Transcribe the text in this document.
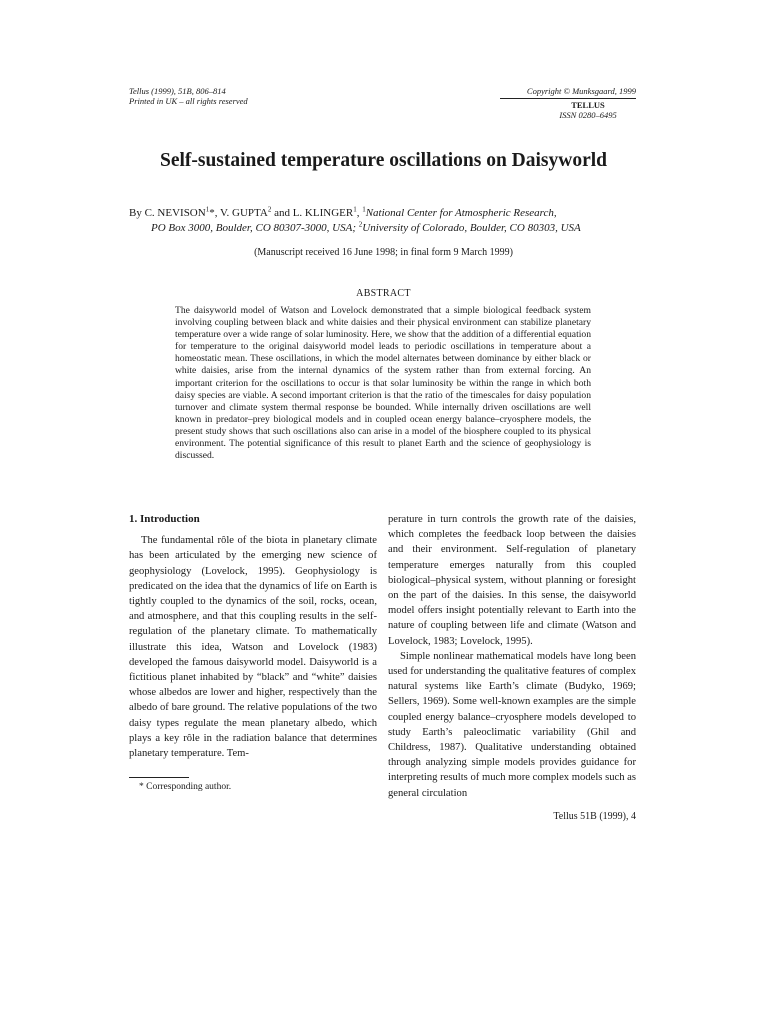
Tellus (1999), 51B, 806–814
Printed in UK – all rights reserved
Copyright © Munksgaard, 1999
TELLUS
ISSN 0280–6495
Self-sustained temperature oscillations on Daisyworld
By C. NEVISON$^1$*, V. GUPTA$^2$ and L. KLINGER$^1$, $^1$National Center for Atmospheric Research,
PO Box 3000, Boulder, CO 80307-3000, USA; $^2$University of Colorado, Boulder, CO 80303, USA
(Manuscript received 16 June 1998; in final form 9 March 1999)
ABSTRACT
The daisyworld model of Watson and Lovelock demonstrated that a simple biological feedback system involving coupling between black and white daisies and their physical environment can stabilize planetary temperature over a wide range of solar luminosity. Here, we show that the addition of a differential equation for temperature to the original daisyworld model leads to periodic oscillations in temperature about a homeostatic mean. These oscillations, in which the model alternates between dominance by either black or white daisies, arise from the internal dynamics of the system rather than from external forcing. An important criterion for the oscillations to occur is that solar luminosity be within the range in which both daisy species are viable. A second important criterion is that the ratio of the timescales for daisy population turnover and climate system thermal response be bounded. While internally driven oscillations are well known in predator–prey biological models and in coupled ocean energy balance–cryosphere models, the present study shows that such oscillations also can arise in a model of the biosphere coupled to its physical environment. The potential significance of this result to planet Earth and the science of geophysiology is discussed.
1. Introduction

The fundamental rôle of the biota in planetary climate has been articulated by the emerging new science of geophysiology (Lovelock, 1995). Geophysiology is predicated on the idea that the dynamics of life on Earth is tightly coupled to the dynamics of the soil, rocks, ocean, and atmosphere, and that this coupling results in the self-regulation of the planetary climate. To mathematically illustrate this idea, Watson and Lovelock (1983) developed the famous daisyworld model. Daisyworld is a fictitious planet inhabited by “black” and “white” daisies whose albedos are lower and higher, respectively than the albedo of bare ground. The relative populations of the two daisy types regulate the mean planetary albedo, which plays a key rôle in the radiation balance that determines planetary temperature. Tem-

perature in turn controls the growth rate of the daisies, which completes the feedback loop between the daisies and their environment. Self-regulation of planetary temperature emerges naturally from this coupled biological–physical system, without planning or foresight on the part of the daisies. In this sense, the daisyworld model offers insight potentially relevant to Earth into the nature of coupling between life and climate (Watson and Lovelock, 1983; Lovelock, 1995).

Simple nonlinear mathematical models have long been used for understanding the qualitative features of complex natural systems like Earth’s climate (Budyko, 1969; Sellers, 1969). Some well-known examples are the simple coupled energy balance–cryosphere models developed to study Earth’s paleoclimatic variability (Ghil and Childress, 1987). Qualitative understanding obtained through analyzing simple models provides guidance for interpreting results of much more complex models such as general circulation

* Corresponding author.
Tellus 51B (1999), 4
